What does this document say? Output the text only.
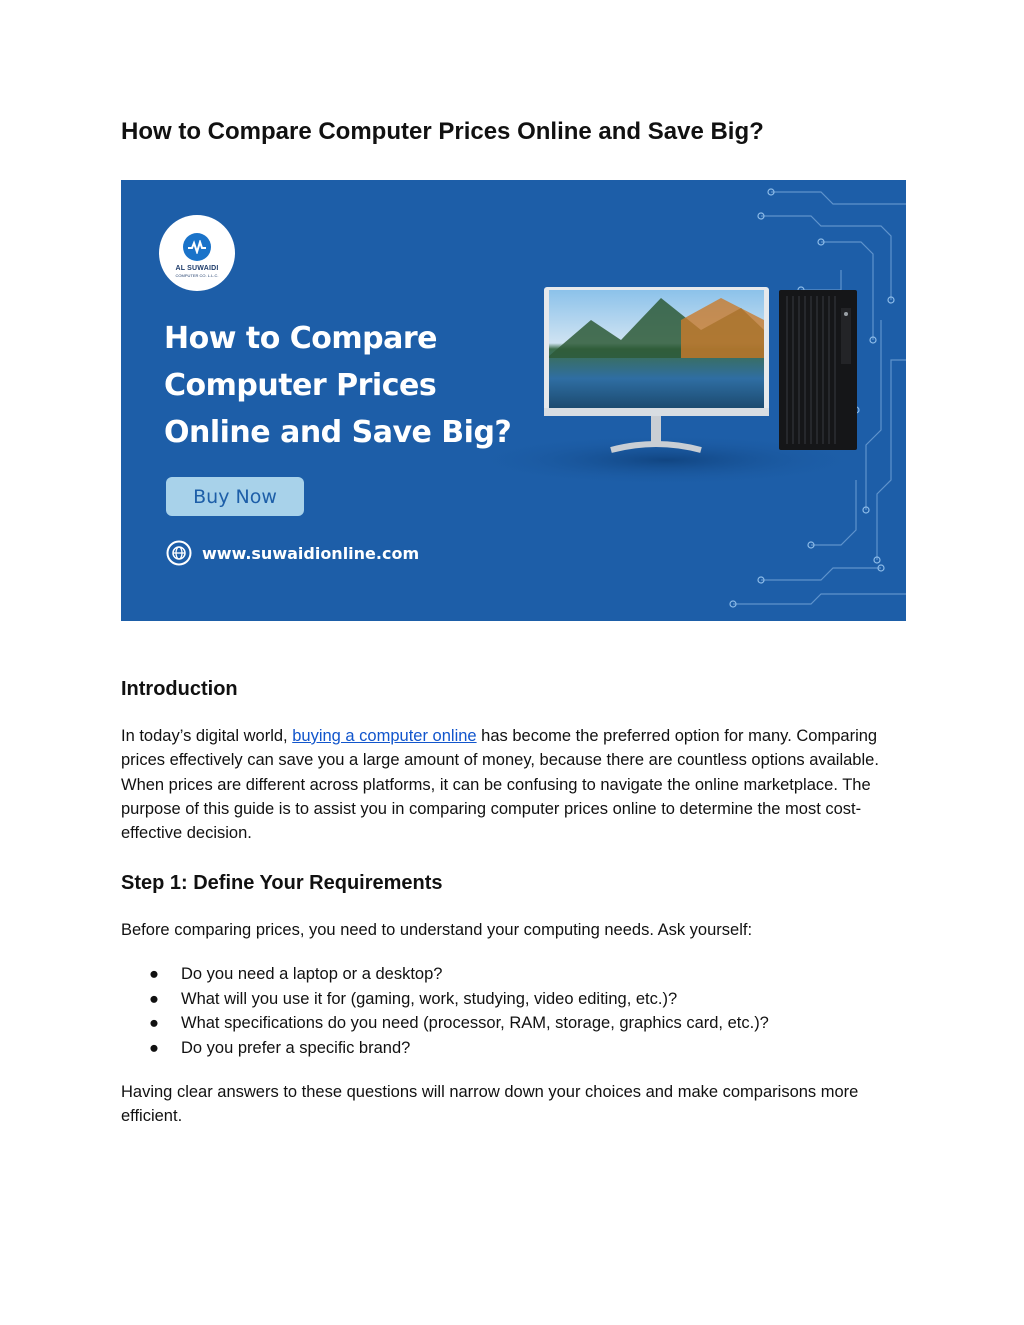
How to Compare Computer Prices Online and Save Big?
AL SUWAIDI
COMPUTER CO. L.L.C.
How to Compare
Computer Prices
Online and Save Big?
Buy Now
www.suwaidionline.com
Introduction

In today’s digital world, buying a computer online has become the preferred option for many. Comparing prices effectively can save you a large amount of money, because there are countless options available. When prices are different across platforms, it can be confusing to navigate the online marketplace. The purpose of this guide is to assist you in comparing computer prices online to determine the most cost-effective decision.

Step 1: Define Your Requirements

Before comparing prices, you need to understand your computing needs. Ask yourself:

● Do you need a laptop or a desktop?
● What will you use it for (gaming, work, studying, video editing, etc.)?
● What specifications do you need (processor, RAM, storage, graphics card, etc.)?
● Do you prefer a specific brand?

Having clear answers to these questions will narrow down your choices and make comparisons more efficient.
